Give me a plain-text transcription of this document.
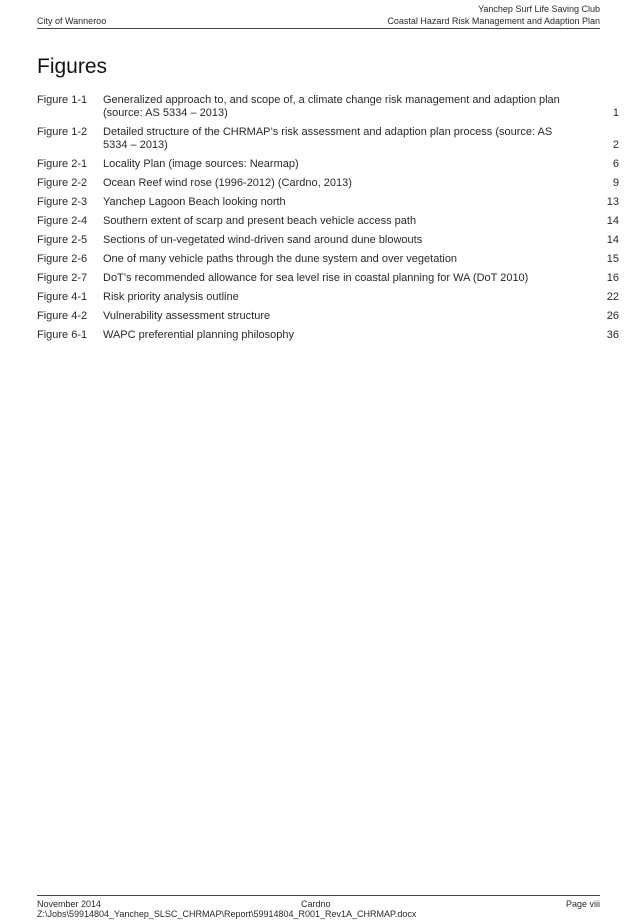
Yanchep Surf Life Saving Club
City of Wanneroo	Coastal Hazard Risk Management and Adaption Plan
Figures
Figure 1-1	Generalized approach to, and scope of, a climate change risk management and adaption plan (source: AS 5334 – 2013)	1
Figure 1-2	Detailed structure of the CHRMAP’s risk assessment and adaption plan process (source: AS 5334 – 2013)	2
Figure 2-1	Locality Plan (image sources: Nearmap)	6
Figure 2-2	Ocean Reef wind rose (1996-2012) (Cardno, 2013)	9
Figure 2-3	Yanchep Lagoon Beach looking north	13
Figure 2-4	Southern extent of scarp and present beach vehicle access path	14
Figure 2-5	Sections of un-vegetated wind-driven sand around dune blowouts	14
Figure 2-6	One of many vehicle paths through the dune system and over vegetation	15
Figure 2-7	DoT’s recommended allowance for sea level rise in coastal planning for WA (DoT 2010)	16
Figure 4-1	Risk priority analysis outline	22
Figure 4-2	Vulnerability assessment structure	26
Figure 6-1	WAPC preferential planning philosophy	36
November 2014	Cardno	Page viii
Z:\Jobs\59914804_Yanchep_SLSC_CHRMAP\Report\59914804_R001_Rev1A_CHRMAP.docx
